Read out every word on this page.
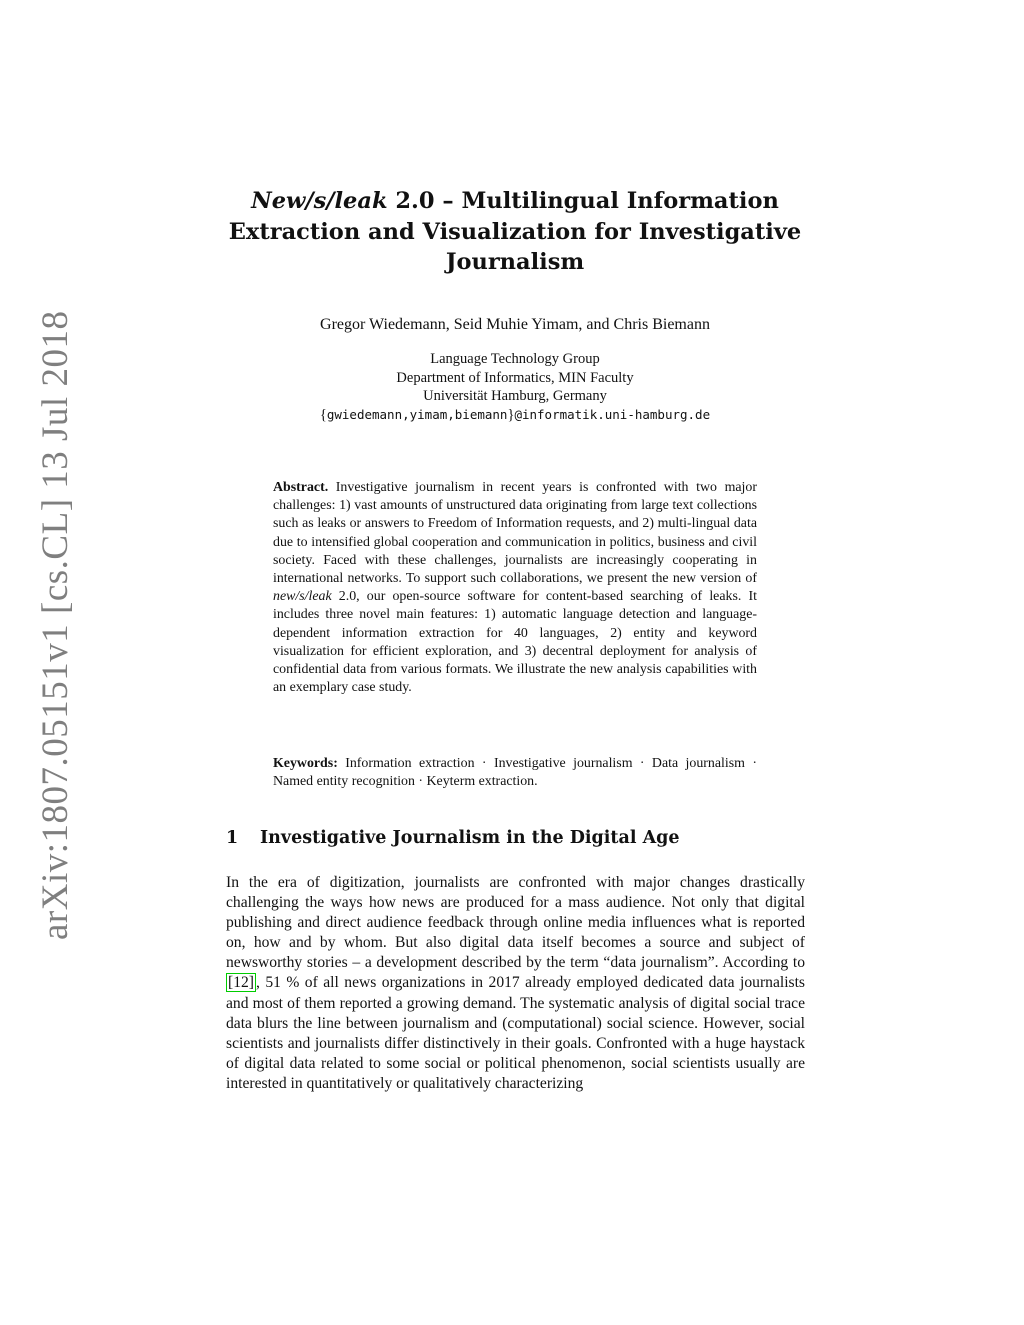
arXiv:1807.05151v1 [cs.CL] 13 Jul 2018
New/s/leak 2.0 – Multilingual Information Extraction and Visualization for Investigative Journalism
Gregor Wiedemann, Seid Muhie Yimam, and Chris Biemann
Language Technology Group
Department of Informatics, MIN Faculty
Universität Hamburg, Germany
{gwiedemann,yimam,biemann}@informatik.uni-hamburg.de

Abstract. Investigative journalism in recent years is confronted with two major challenges: 1) vast amounts of unstructured data originating from large text collections such as leaks or answers to Freedom of Information requests, and 2) multi-lingual data due to intensified global cooperation and communication in politics, business and civil society. Faced with these challenges, journalists are increasingly cooperating in international networks. To support such collaborations, we present the new version of new/s/leak 2.0, our open-source software for content-based searching of leaks. It includes three novel main features: 1) automatic language detection and language-dependent information extraction for 40 languages, 2) entity and keyword visualization for efficient exploration, and 3) decentral deployment for analysis of confidential data from various formats. We illustrate the new analysis capabilities with an exemplary case study.

Keywords: Information extraction · Investigative journalism · Data journalism · Named entity recognition · Keyterm extraction.
1 Investigative Journalism in the Digital Age

In the era of digitization, journalists are confronted with major changes drastically challenging the ways how news are produced for a mass audience. Not only that digital publishing and direct audience feedback through online media influences what is reported on, how and by whom. But also digital data itself becomes a source and subject of newsworthy stories – a development described by the term “data journalism”. According to [12] , 51 % of all news organizations in 2017 already employed dedicated data journalists and most of them reported a growing demand. The systematic analysis of digital social trace data blurs the line between journalism and (computational) social science. However, social scientists and journalists differ distinctively in their goals. Confronted with a huge haystack of digital data related to some social or political phenomenon, social scientists usually are interested in quantitatively or qualitatively characterizing
